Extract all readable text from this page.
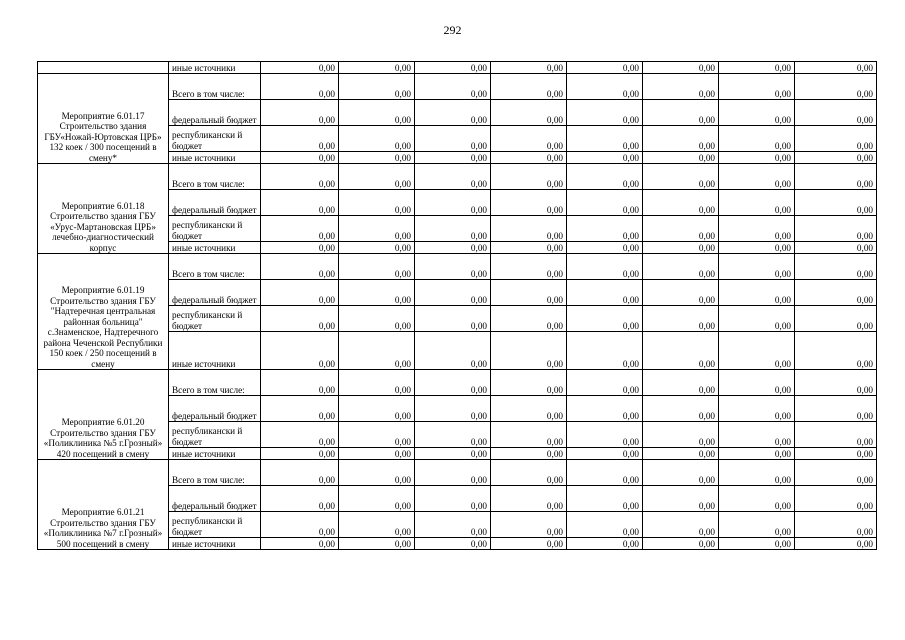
292
	иные источники	0,00	0,00	0,00	0,00	0,00	0,00	0,00	0,00
Мероприятие 6.01.17 Строительство здания ГБУ«Ножай-Юртовская ЦРБ» 132 коек / 300 посещений в смену*	Всего в том числе:	0,00	0,00	0,00	0,00	0,00	0,00	0,00	0,00
	федеральный бюджет	0,00	0,00	0,00	0,00	0,00	0,00	0,00	0,00
	республикански й бюджет	0,00	0,00	0,00	0,00	0,00	0,00	0,00	0,00
	иные источники	0,00	0,00	0,00	0,00	0,00	0,00	0,00	0,00
Мероприятие 6.01.18 Строительство здания ГБУ «Урус-Мартановская ЦРБ» лечебно-диагностический корпус	Всего в том числе:	0,00	0,00	0,00	0,00	0,00	0,00	0,00	0,00
	федеральный бюджет	0,00	0,00	0,00	0,00	0,00	0,00	0,00	0,00
	республикански й бюджет	0,00	0,00	0,00	0,00	0,00	0,00	0,00	0,00
	иные источники	0,00	0,00	0,00	0,00	0,00	0,00	0,00	0,00
Мероприятие 6.01.19 Строительство здания ГБУ "Надтеречная центральная районная больница" с.Знаменское, Надтеречного района Чеченской Республики 150 коек / 250 посещений в смену	Всего в том числе:	0,00	0,00	0,00	0,00	0,00	0,00	0,00	0,00
	федеральный бюджет	0,00	0,00	0,00	0,00	0,00	0,00	0,00	0,00
	республикански й бюджет	0,00	0,00	0,00	0,00	0,00	0,00	0,00	0,00
	иные источники	0,00	0,00	0,00	0,00	0,00	0,00	0,00	0,00
Мероприятие 6.01.20 Строительство здания ГБУ «Поликлиника №5 г.Грозный» 420 посещений в смену	Всего в том числе:	0,00	0,00	0,00	0,00	0,00	0,00	0,00	0,00
	федеральный бюджет	0,00	0,00	0,00	0,00	0,00	0,00	0,00	0,00
	республикански й бюджет	0,00	0,00	0,00	0,00	0,00	0,00	0,00	0,00
	иные источники	0,00	0,00	0,00	0,00	0,00	0,00	0,00	0,00
Мероприятие 6.01.21 Строительство здания ГБУ «Поликлиника №7 г.Грозный» 500 посещений в смену	Всего в том числе:	0,00	0,00	0,00	0,00	0,00	0,00	0,00	0,00
	федеральный бюджет	0,00	0,00	0,00	0,00	0,00	0,00	0,00	0,00
	республикански й бюджет	0,00	0,00	0,00	0,00	0,00	0,00	0,00	0,00
	иные источники	0,00	0,00	0,00	0,00	0,00	0,00	0,00	0,00
